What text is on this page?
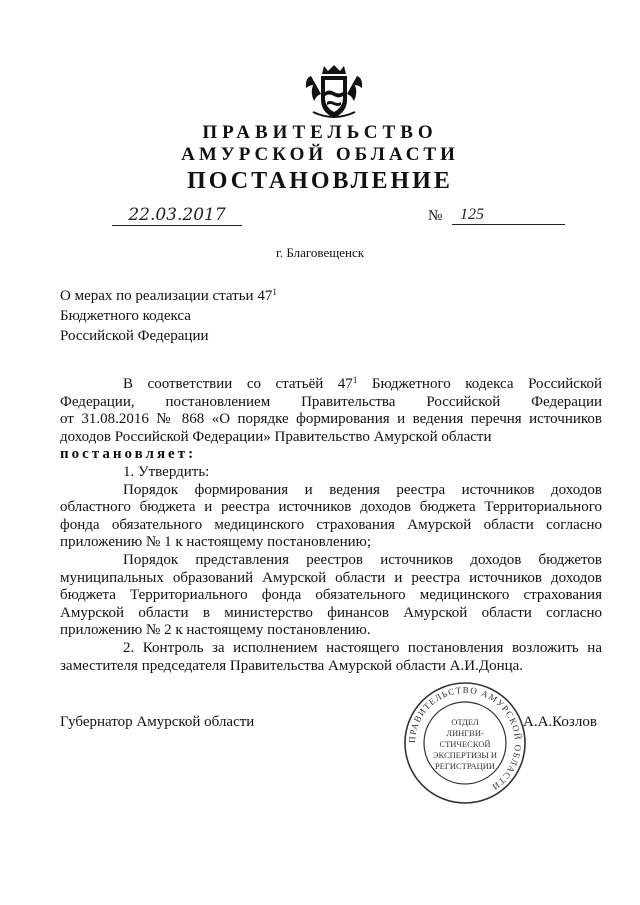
ПРАВИТЕЛЬСТВО
АМУРСКОЙ ОБЛАСТИ
ПОСТАНОВЛЕНИЕ
22.03.2017	№	125
г. Благовещенск
О мерах по реализации статьи $47^1$
Бюджетного кодекса
Российской Федерации

В соответствии со статьёй $47^1$ Бюджетного кодекса Российской

Федерации, постановлением Правительства Российской Федерации

от 31.08.2016 № 868 «О порядке формирования и ведения перечня источников

доходов Российской Федерации» Правительство Амурской области

постановляет:

1. Утвердить:

Порядок формирования и ведения реестра источников доходов

областного бюджета и реестра источников доходов бюджета Территориального

фонда обязательного медицинского страхования Амурской области согласно

приложению № 1 к настоящему постановлению;

Порядок представления реестров источников доходов бюджетов

муниципальных образований Амурской области и реестра источников доходов

бюджета Территориального фонда обязательного медицинского страхования

Амурской области в министерство финансов Амурской области согласно

приложению № 2 к настоящему постановлению.

2. Контроль за исполнением настоящего постановления возложить на

заместителя председателя Правительства Амурской области А.И.Донца.

Губернатор Амурской области	А.А.Козлов
ПРАВИТЕЛЬСТВО АМУРСКОЙ ОБЛАСТИ
ОТДЕЛ
ЛИНГВИ-
СТИЧЕСКОЙ
ЭКСПЕРТИЗЫ И
РЕГИСТРАЦИИ
